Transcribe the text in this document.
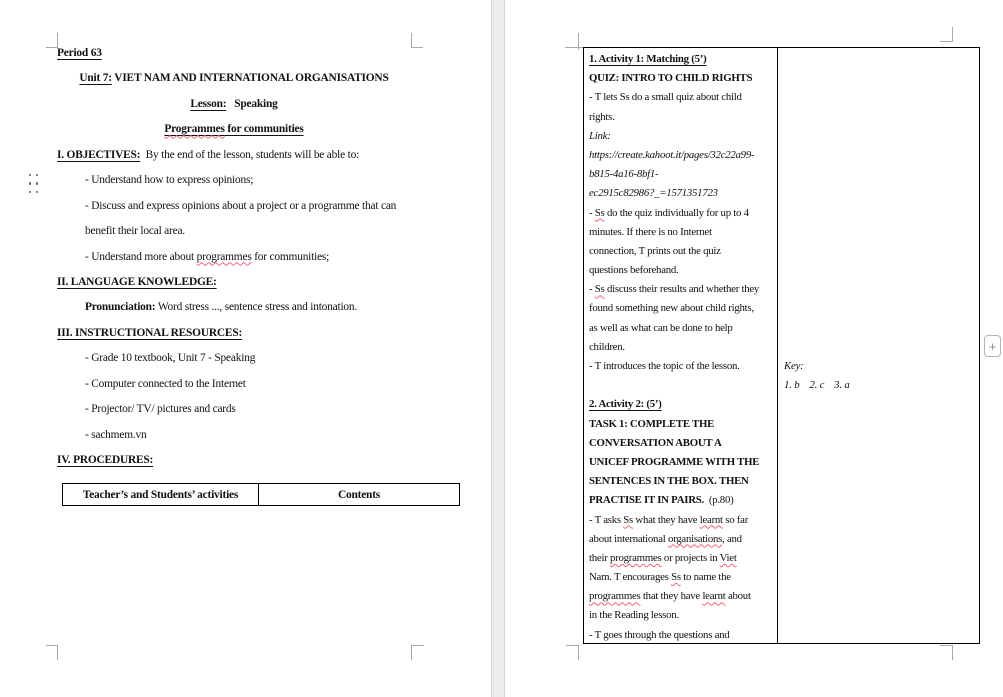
Period 63
Unit 7: VIET NAM AND INTERNATIONAL ORGANISATIONS
Lesson:   Speaking
Programmes for communities
I. OBJECTIVES:  By the end of the lesson, students will be able to:
- Understand how to express opinions;
- Discuss and express opinions about a project or a programme that can
benefit their local area.
- Understand more about programmes for communities;
II. LANGUAGE KNOWLEDGE:
Pronunciation: Word stress ..., sentence stress and intonation.
III. INSTRUCTIONAL RESOURCES:
- Grade 10 textbook, Unit 7 - Speaking
- Computer connected to the Internet
- Projector/ TV/ pictures and cards
- sachmem.vn
IV. PROCEDURES:
Teacher’s and Students’ activities	Contents
1. Activity 1: Matching (5’)
QUIZ: INTRO TO CHILD RIGHTS
- T lets Ss do a small quiz about child
rights.
Link:
https://create.kahoot.it/pages/32c22a99-
b815-4a16-8bf1-
ec2915c82986?_=1571351723
- Ss do the quiz individually for up to 4
minutes. If there is no Internet
connection, T prints out the quiz
questions beforehand.
- Ss discuss their results and whether they
found something new about child rights,
as well as what can be done to help
children.
- T introduces the topic of the lesson.
2. Activity 2: (5’)
TASK 1: COMPLETE THE
CONVERSATION ABOUT A
UNICEF PROGRAMME WITH THE
SENTENCES IN THE BOX. THEN
PRACTISE IT IN PAIRS.  (p.80)
- T asks Ss what they have learnt so far
about international organisations, and
their programmes or projects in Viet
Nam. T encourages Ss to name the
programmes that they have learnt about
in the Reading lesson.
- T goes through the questions and
Key:
1. b    2. c    3. a
+
